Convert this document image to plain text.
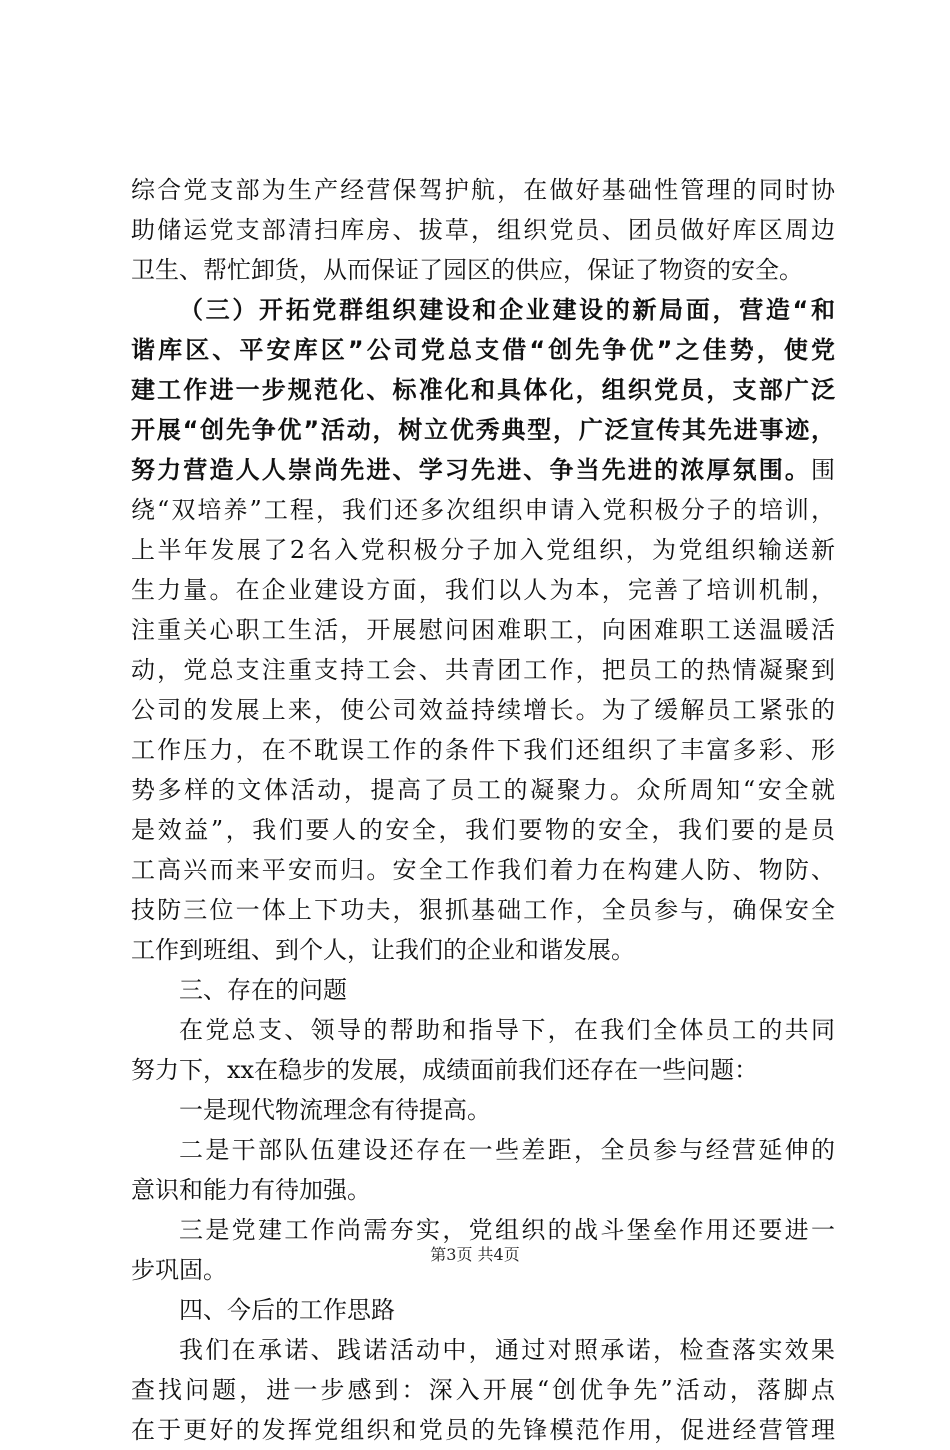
综合党支部为生产经营保驾护航，在做好基础性管理的同时协
助储运党支部清扫库房、拔草，组织党员、团员做好库区周边
卫生、帮忙卸货，从而保证了园区的供应，保证了物资的安全。
（三）开拓党群组织建设和企业建设的新局面，营造“和
谐库区、平安库区”公司党总支借“创先争优”之佳势，使党
建工作进一步规范化、标准化和具体化，组织党员，支部广泛
开展“创先争优”活动，树立优秀典型，广泛宣传其先进事迹，
努力营造人人崇尚先进、学习先进、争当先进的浓厚氛围。围
绕“双培养”工程，我们还多次组织申请入党积极分子的培训，
上半年发展了2名入党积极分子加入党组织，为党组织输送新
生力量。在企业建设方面，我们以人为本，完善了培训机制，
注重关心职工生活，开展慰问困难职工，向困难职工送温暖活
动，党总支注重支持工会、共青团工作，把员工的热情凝聚到
公司的发展上来，使公司效益持续增长。为了缓解员工紧张的
工作压力，在不耽误工作的条件下我们还组织了丰富多彩、形
势多样的文体活动，提高了员工的凝聚力。众所周知“安全就
是效益”，我们要人的安全，我们要物的安全，我们要的是员
工高兴而来平安而归。安全工作我们着力在构建人防、物防、
技防三位一体上下功夫，狠抓基础工作，全员参与，确保安全
工作到班组、到个人，让我们的企业和谐发展。
三、存在的问题
在党总支、领导的帮助和指导下，在我们全体员工的共同
努力下，xx在稳步的发展，成绩面前我们还存在一些问题：
一是现代物流理念有待提高。
二是干部队伍建设还存在一些差距，全员参与经营延伸的
意识和能力有待加强。
三是党建工作尚需夯实，党组织的战斗堡垒作用还要进一
步巩固。
四、今后的工作思路
我们在承诺、践诺活动中，通过对照承诺，检查落实效果
查找问题，进一步感到：深入开展“创优争先”活动，落脚点
在于更好的发挥党组织和党员的先锋模范作用，促进经营管理
第3页 共4页
